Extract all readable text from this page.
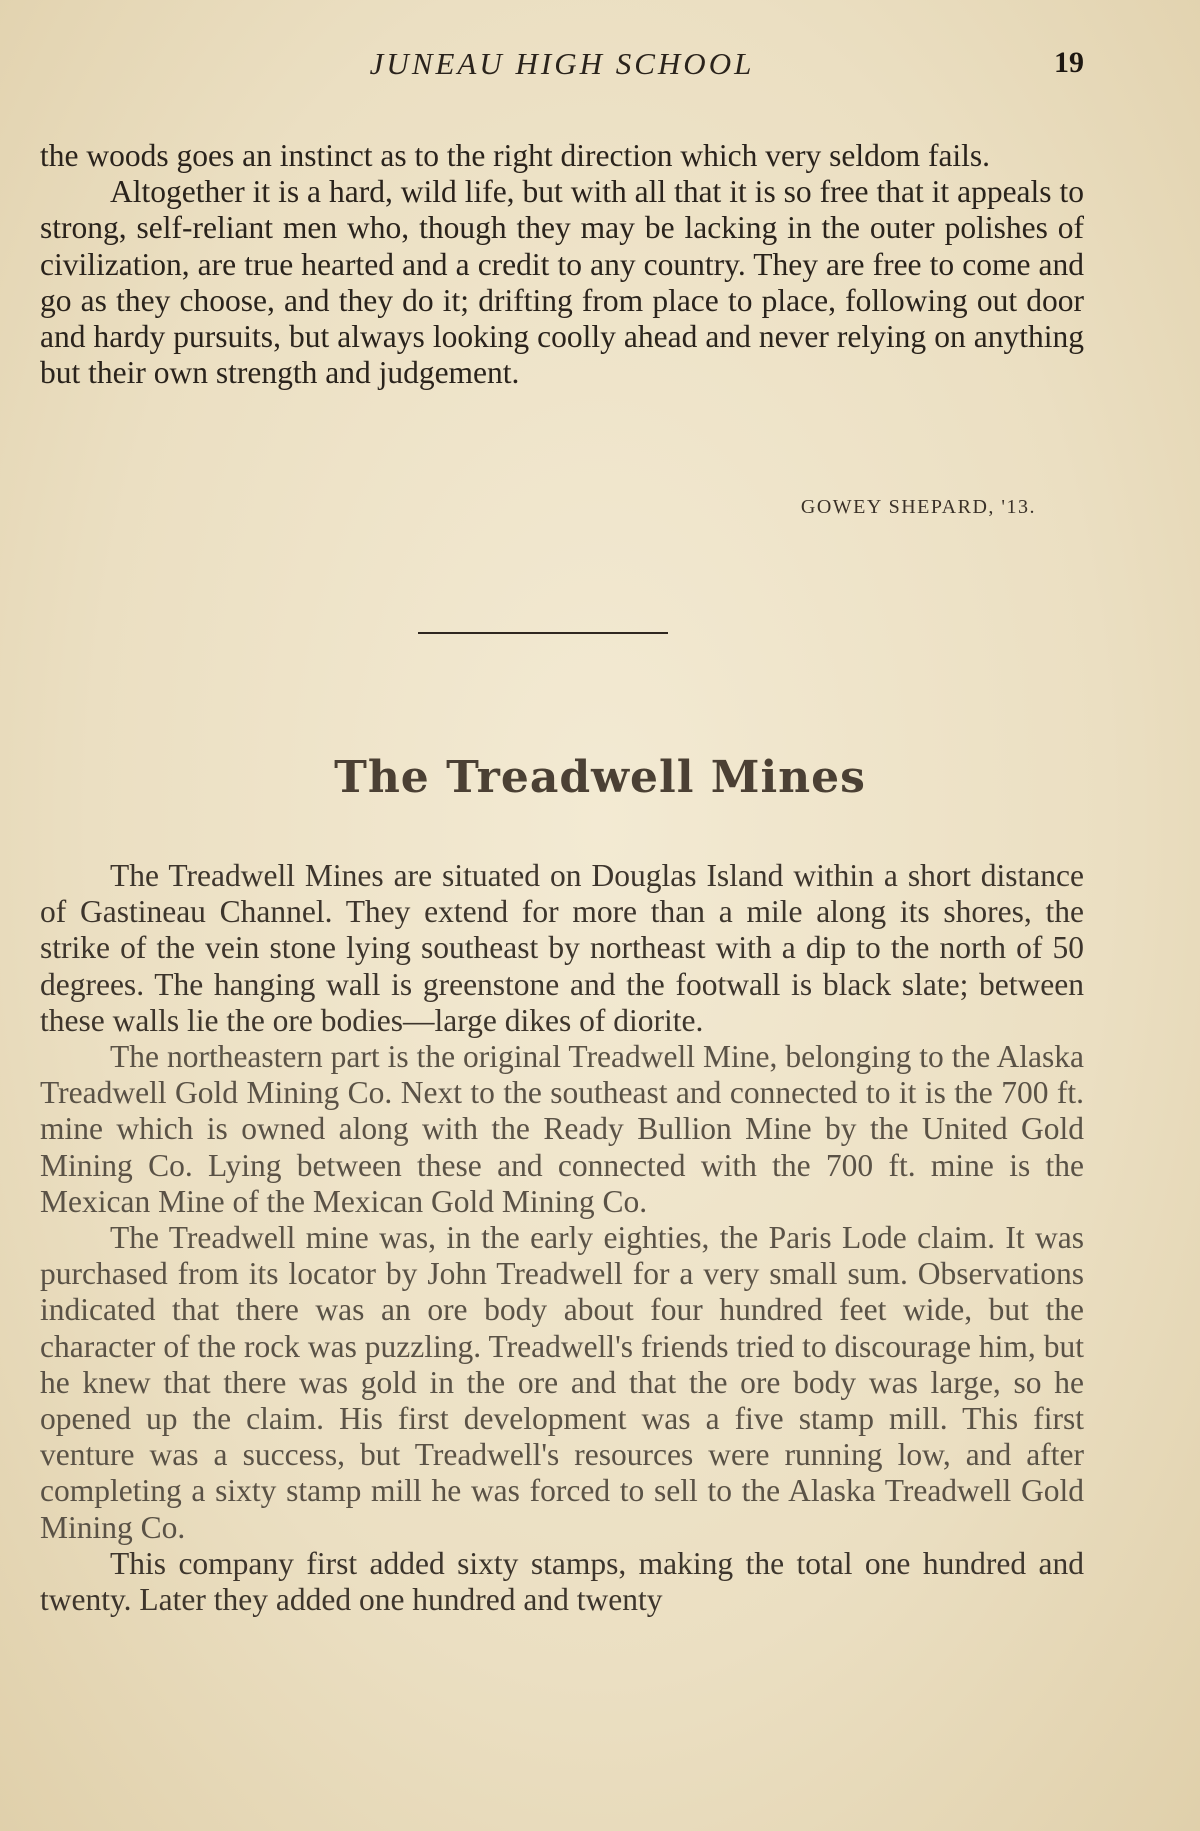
JUNEAU HIGH SCHOOL	19

the woods goes an instinct as to the right direction which very seldom fails.

Altogether it is a hard, wild life, but with all that it is so free that it appeals to strong, self-reliant men who, though they may be lacking in the outer polishes of civilization, are true hearted and a credit to any country. They are free to come and go as they choose, and they do it; drifting from place to place, following out door and hardy pursuits, but always looking coolly ahead and never relying on anything but their own strength and judgement.

GOWEY SHEPARD, '13.
The Treadwell Mines

The Treadwell Mines are situated on Douglas Island within a short distance of Gastineau Channel. They extend for more than a mile along its shores, the strike of the vein stone lying southeast by northeast with a dip to the north of 50 degrees. The hanging wall is greenstone and the footwall is black slate; between these walls lie the ore bodies—large dikes of diorite.

The northeastern part is the original Treadwell Mine, belonging to the Alaska Treadwell Gold Mining Co. Next to the southeast and connected to it is the 700 ft. mine which is owned along with the Ready Bullion Mine by the United Gold Mining Co. Lying between these and connected with the 700 ft. mine is the Mexican Mine of the Mexican Gold Mining Co.

The Treadwell mine was, in the early eighties, the Paris Lode claim. It was purchased from its locator by John Treadwell for a very small sum. Observations indicated that there was an ore body about four hundred feet wide, but the character of the rock was puzzling. Treadwell's friends tried to discourage him, but he knew that there was gold in the ore and that the ore body was large, so he opened up the claim. His first development was a five stamp mill. This first venture was a success, but Treadwell's resources were running low, and after completing a sixty stamp mill he was forced to sell to the Alaska Treadwell Gold Mining Co.

This company first added sixty stamps, making the total one hundred and twenty. Later they added one hundred and twenty
